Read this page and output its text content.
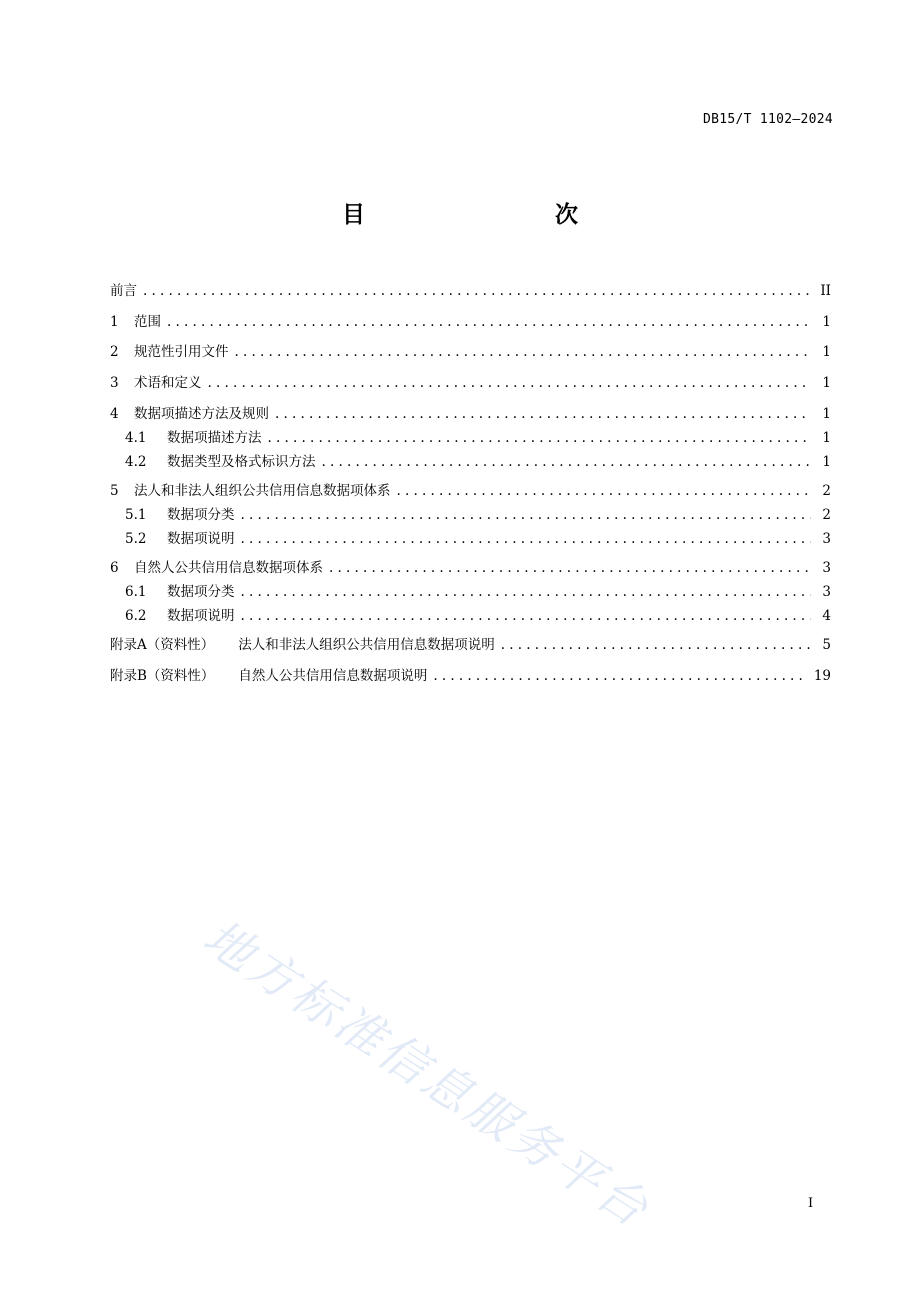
DB15/T 1102—2024
目　　次
前言 .....	II
1	范围 .....	1
2	规范性引用文件 .....	1
3	术语和定义 .....	1
4	数据项描述方法及规则 .....	1
4.1	数据项描述方法 .....	1
4.2	数据类型及格式标识方法 .....	1
5	法人和非法人组织公共信用信息数据项体系 .....	2
5.1	数据项分类 .....	2
5.2	数据项说明 .....	3
6	自然人公共信用信息数据项体系 .....	3
6.1	数据项分类 .....	3
6.2	数据项说明 .....	4
附录A（资料性） 法人和非法人组织公共信用信息数据项说明 .....	5
附录B（资料性） 自然人公共信用信息数据项说明 .....	19
地方标准信息服务平台	I
